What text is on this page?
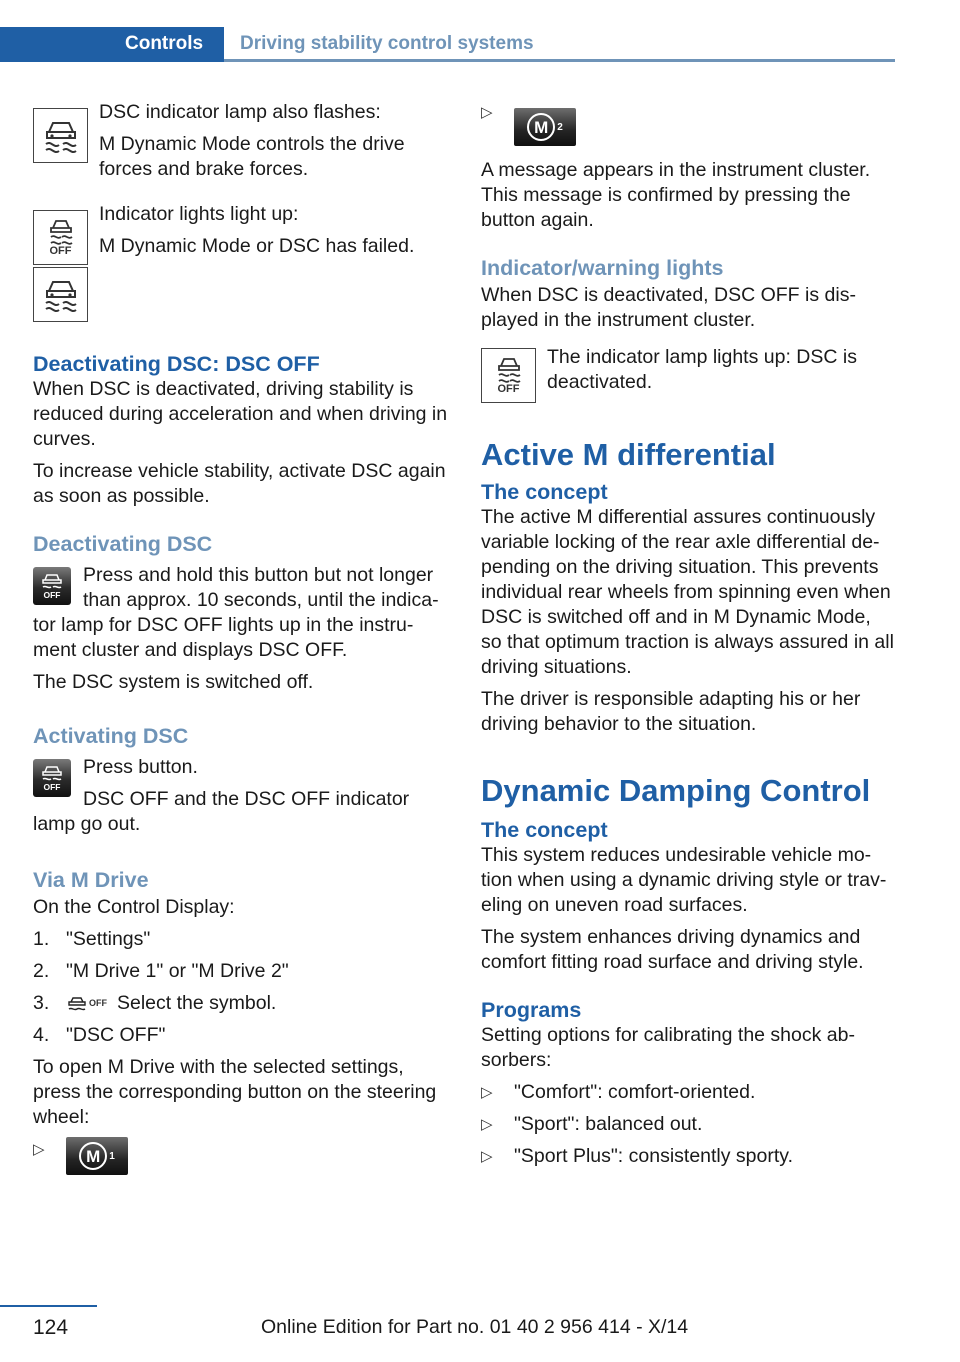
Controls	Driving stability control systems

DSC indicator lamp also flashes:

M Dynamic Mode controls the drive forces and brake forces.

OFF

Indicator lights light up:

M Dynamic Mode or DSC has failed.

Deactivating DSC: DSC OFF

When DSC is deactivated, driving stability is reduced during acceleration and when driving in curves.

To increase vehicle stability, activate DSC again as soon as possible.

Deactivating DSC
OFF

Press and hold this button but not longer than approx. 10 seconds, until the indicator lamp for DSC OFF lights up in the instrument cluster and displays DSC OFF.

The DSC system is switched off.

Activating DSC
OFF

Press button.

DSC OFF and the DSC OFF indicator lamp go out.

Via M Drive

On the Control Display:

1. "Settings"
2. "M Drive 1" or "M Drive 2"
3.	OFF Select the symbol.
4. "DSC OFF"

To open M Drive with the selected settings, press the corresponding button on the steering wheel:

▷	M 1
▷
M 2

A message appears in the instrument cluster. This message is confirmed by pressing the button again.

Indicator/warning lights

When DSC is deactivated, DSC OFF is displayed in the instrument cluster.

OFF

The indicator lamp lights up: DSC is deactivated.

Active M differential
The concept

The active M differential assures continuously variable locking of the rear axle differential depending on the driving situation. This prevents individual rear wheels from spinning even when DSC is switched off and in M Dynamic Mode, so that optimum traction is always assured in all driving situations.

The driver is responsible adapting his or her driving behavior to the situation.

Dynamic Damping Control
The concept

This system reduces undesirable vehicle motion when using a dynamic driving style or traveling on uneven road surfaces.

The system enhances driving dynamics and comfort fitting road surface and driving style.

Programs

Setting options for calibrating the shock absorbers:

▷ "Comfort": comfort-oriented.
▷ "Sport": balanced out.
▷ "Sport Plus": consistently sporty.
124	Online Edition for Part no. 01 40 2 956 414 - X/14
